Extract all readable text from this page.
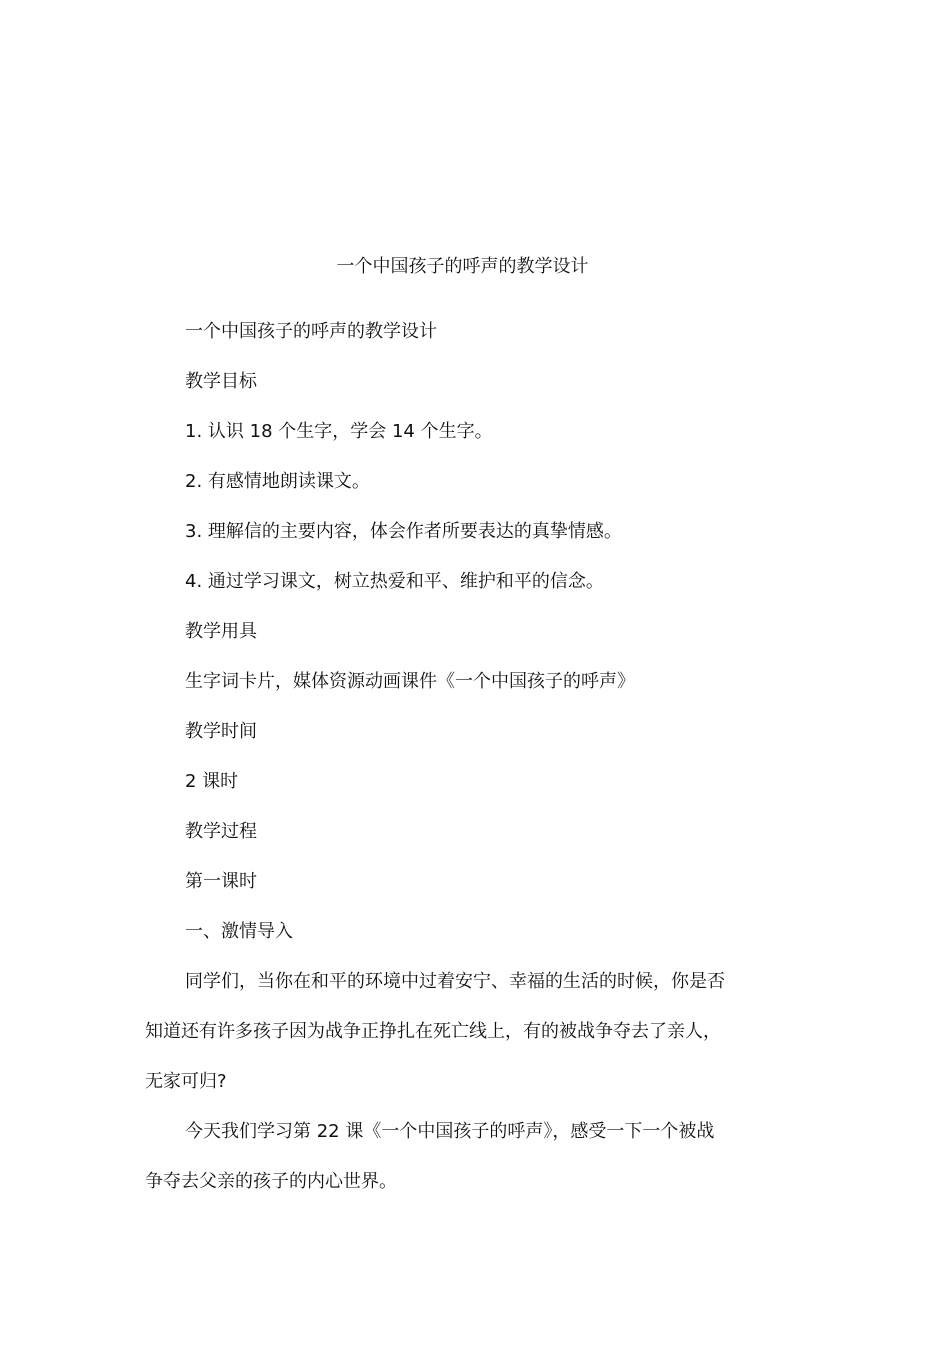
一个中国孩子的呼声的教学设计
一个中国孩子的呼声的教学设计
教学目标
1. 认识 18 个生字，学会 14 个生字。
2. 有感情地朗读课文。
3. 理解信的主要内容，体会作者所要表达的真挚情感。
4. 通过学习课文，树立热爱和平、维护和平的信念。
教学用具
生字词卡片，媒体资源动画课件《一个中国孩子的呼声》
教学时间
2 课时
教学过程
第一课时
一、激情导入
同学们，当你在和平的环境中过着安宁、幸福的生活的时候，你是否
知道还有许多孩子因为战争正挣扎在死亡线上，有的被战争夺去了亲人，
无家可归?
今天我们学习第 22 课《一个中国孩子的呼声》，感受一下一个被战
争夺去父亲的孩子的内心世界。
